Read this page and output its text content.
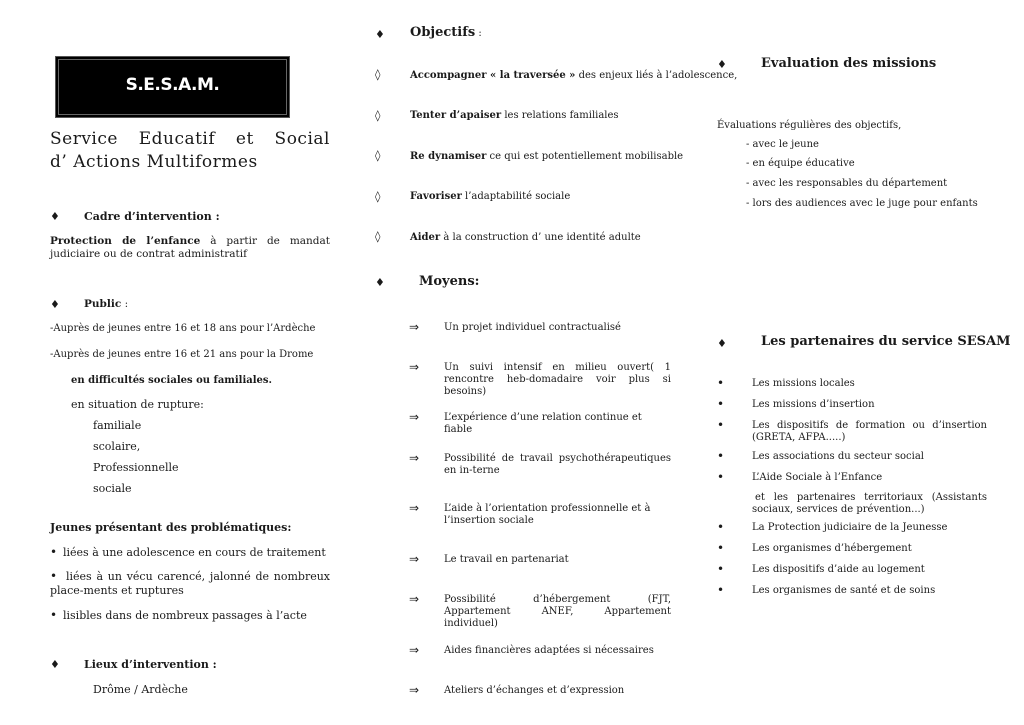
S.E.S.A.M.
Service Educatif et Social
d’ Actions Multiformes
♦ Cadre d’intervention :
Protection de l’enfance à partir de mandat judiciaire ou de contrat administratif
♦ Public :
-Auprès de jeunes entre 16 et 18 ans pour l’Ardèche
-Auprès de jeunes entre 16 et 21 ans pour la Drome
en difficultés sociales ou familiales.
en situation de rupture:
familiale
scolaire,
Professionnelle
sociale
Jeunes présentant des problématiques:
• liées à une adolescence en cours de traitement
• liées à un vécu carencé, jalonné de nombreux place-ments et ruptures
• lisibles dans de nombreux passages à l’acte
♦ Lieux d’intervention :
Drôme / Ardèche
♦ Objectifs :
◊	Accompagner « la traversée » des enjeux liés à l’adolescence,
◊	Tenter d’apaiser les relations familiales
◊	Re dynamiser ce qui est potentiellement mobilisable
◊	Favoriser l’adaptabilité sociale
◊	Aider à la construction d’ une identité adulte
♦	Moyens:
⇒ Un projet individuel contractualisé
⇒ Un suivi intensif en milieu ouvert( 1 rencontre heb-domadaire voir plus si besoins)
⇒ L’expérience d’une relation continue et fiable
⇒ Possibilité de travail psychothérapeutiques en in-terne
⇒ L’aide à l’orientation professionnelle et à l’insertion sociale
⇒ Le travail en partenariat
⇒ Possibilité d’hébergement (FJT, Appartement ANEF, Appartement individuel)
⇒ Aides financières adaptées si nécessaires
⇒ Ateliers d’échanges et d’expression
♦	Evaluation des missions
Évaluations régulières des objectifs,
- avec le jeune
- en équipe éducative
- avec les responsables du département
- lors des audiences avec le juge pour enfants
♦	Les partenaires du service SESAM
•	Les missions locales
•	Les missions d’insertion
•	Les dispositifs de formation ou d’insertion (GRETA, AFPA.....)
•	Les associations du secteur social
•	L’Aide Sociale à l’Enfance
et les partenaires territoriaux (Assistants sociaux, services de prévention...)
•	La Protection judiciaire de la Jeunesse
•	Les organismes d’hébergement
•	Les dispositifs d’aide au logement
•	Les organismes de santé et de soins
